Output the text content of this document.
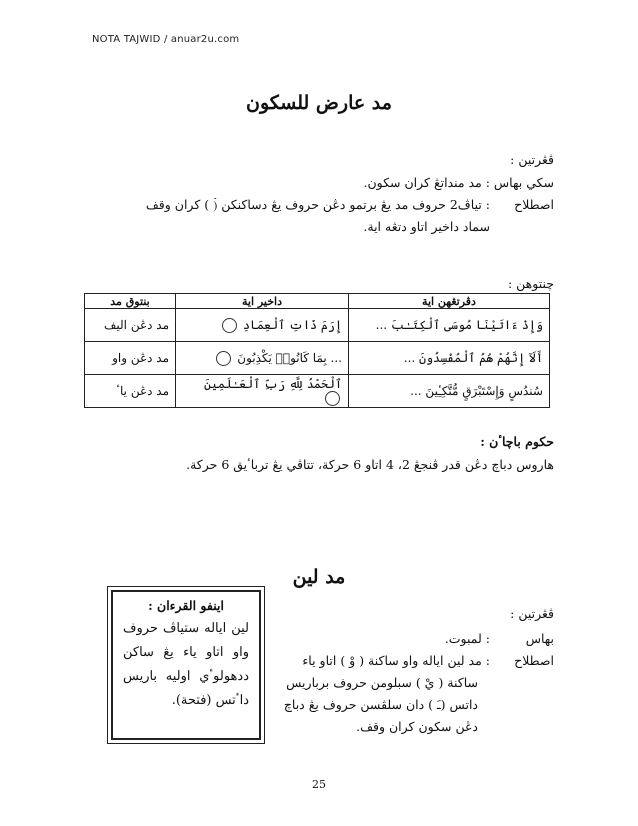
NOTA TAJWID / anuar2u.com
مد عارض للسكون
ڤڠرتين :
سکي بهاس
: مد منداتڠ کران سکون.
اصطلاح
: تياڤ2 حروف مد يڠ برتمو دڠن حروف يڠ دساکنکن (ۡ ) کران وقف
سماد داخير اتاو دتڠه اية.
چنتوهن :
دڤرتڠهن اية	داخير اية	بنتوق مد
وَإِذْ ءَاتَيْنَا مُوسَى ٱلْكِتَـٰبَ ...	إِرَمَ ذَاتِ ٱلْعِمَادِ	مد دڠن اليف
أَلَآ إِنَّهُمْ هُمُ ٱلْمُفْسِدُونَ ...	... بِمَا كَانُوا۟ يَكْذِبُونَ	مد دڠن واو
سُندُسٍ وَإِسْتَبْرَقٍ مُّتَّكِـِٔينَ ...	ٱلْحَمْدُ لِلَّهِ رَبِّ ٱلْعَـٰلَمِينَ	مد دڠن ياٴ
حکوم باچاٴن :
هاروس دباچ دڠن قدر ڤنجڠ 2، 4 اتاو 6 حرکة، تتاڤي يڠ ترباٴيق 6 حرکة.
مد لين
ڤڠرتين :
بهاس
: لمبوت.
اصطلاح
: مد لين اياله واو ساکنة ( وْ ) اتاو ياء
ساکنة ( يْ ) سبلومن حروف برباريس
داتس (ـَ ) دان سلڤسن حروف يڠ دباچ
دڠن سکون کران وقف.
اينفو القرءان :
لين اياله ستياڤ حروف واو اتاو ياء يڠ ساکن ددهولوٴي اوليه باريس داٴتس (فتحة).
25
